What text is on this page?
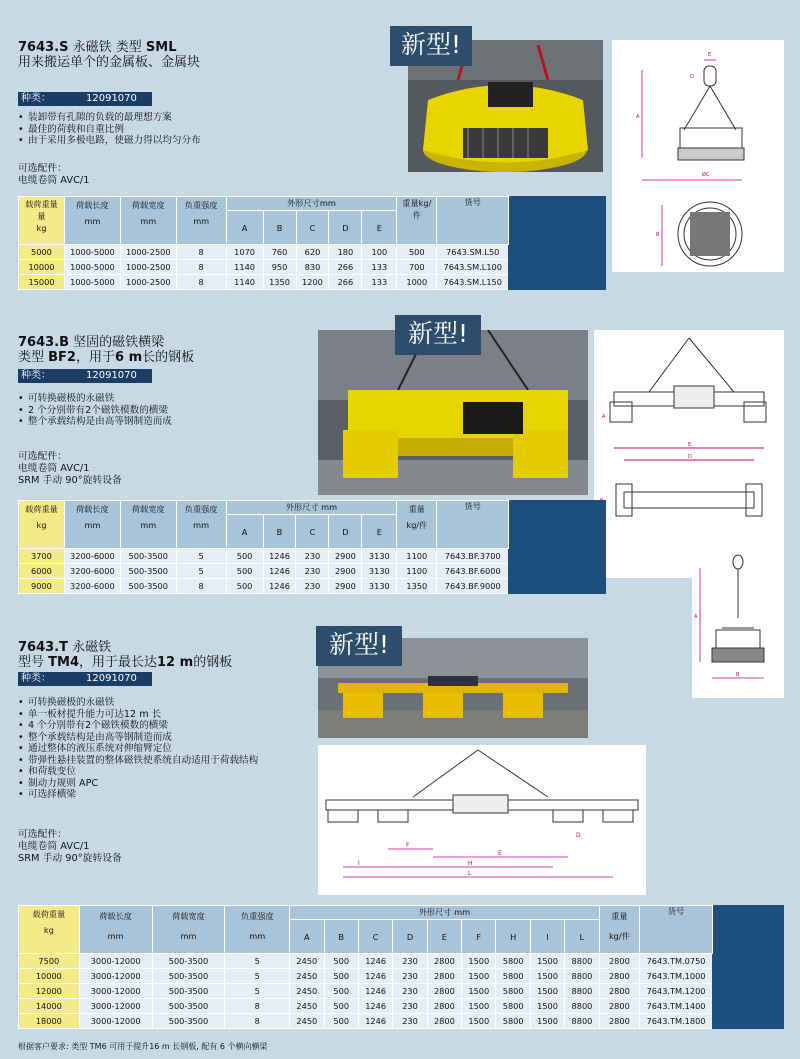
7643.S 永磁铁 类型 SML
用来搬运单个的金属板、金属块
种类：	12091070
• 装卸带有孔隙的负载的最理想方案
• 最佳的荷载和自重比例
• 由于采用多极电路，使磁力得以均匀分布
可选配件：
电缆卷筒 AVC/1
新型!
A
ØC
B
E
D
载荷重量
量
kg	荷载长度
mm	荷载宽度
mm	负重强度
mm	外形尺寸mm					重量kg/
件	货号	
				A	B	C	D	E			
5000	1000-5000	1000-2500	8	1070	760	620	180	100	500	7643.SM.L50	
10000	1000-5000	1000-2500	8	1140	950	830	266	133	700	7643.SM.L100	
15000	1000-5000	1000-2500	8	1140	1350	1200	266	133	1000	7643.SM.L150	
7643.B 坚固的磁铁横梁
类型 BF2，用于6 m长的钢板
种类：	12091070
• 可转换磁极的永磁铁
• 2 个分别带有2个磁铁模数的横梁
• 整个承载结构是由高等钢制造而成
可选配件：
电缆卷筒 AVC/1
SRM 手动 90°旋转设备
新型!
E
D
A
载荷重量
kg	荷载长度
mm	荷载宽度
mm	负重强度
mm	外形尺寸 mm					重量
kg/件	货号	
				A	B	C	D	E			
3700	3200-6000	500-3500	5	500	1246	230	2900	3130	1100	7643.BF.3700	
6000	3200-6000	500-3500	5	500	1246	230	2900	3130	1100	7643.BF.6000	
9000	3200-6000	500-3500	8	500	1246	230	2900	3130	1350	7643.BF.9000	
7643.T 永磁铁
型号 TM4，用于最长达12 m的钢板
种类：	12091070
• 可转换磁极的永磁铁
• 单一板材提升能力可达12 m 长
• 4 个分别带有2个磁铁模数的横梁
• 整个承载结构是由高等钢制造而成
• 通过整体的液压系统对伸缩臂定位
• 带弹性悬挂装置的整体磁铁使系统自动适用于荷载结构
• 和荷载变位
• 制动力规则 APC
• 可选择横梁
可选配件：
电缆卷筒 AVC/1
SRM 手动 90°旋转设备
新型!
A
B
I
F
E
H
L
D
载荷重量
kg	荷载长度
mm	荷载宽度
mm	负重强度
mm	外形尺寸 mm									重量
kg/件	货号	
				A	B	C	D	E	F	H	I	L			
7500	3000-12000	500-3500	5	2450	500	1246	230	2800	1500	5800	1500	8800	2800	7643.TM.0750	
10000	3000-12000	500-3500	5	2450	500	1246	230	2800	1500	5800	1500	8800	2800	7643.TM.1000	
12000	3000-12000	500-3500	5	2450	500	1246	230	2800	1500	5800	1500	8800	2800	7643.TM.1200	
14000	3000-12000	500-3500	8	2450	500	1246	230	2800	1500	5800	1500	8800	2800	7643.TM.1400	
18000	3000-12000	500-3500	8	2450	500	1246	230	2800	1500	5800	1500	8800	2800	7643.TM.1800	
根据客户要求: 类型 TM6 可用于提升16 m 长钢板, 配有 6 个横向横梁
